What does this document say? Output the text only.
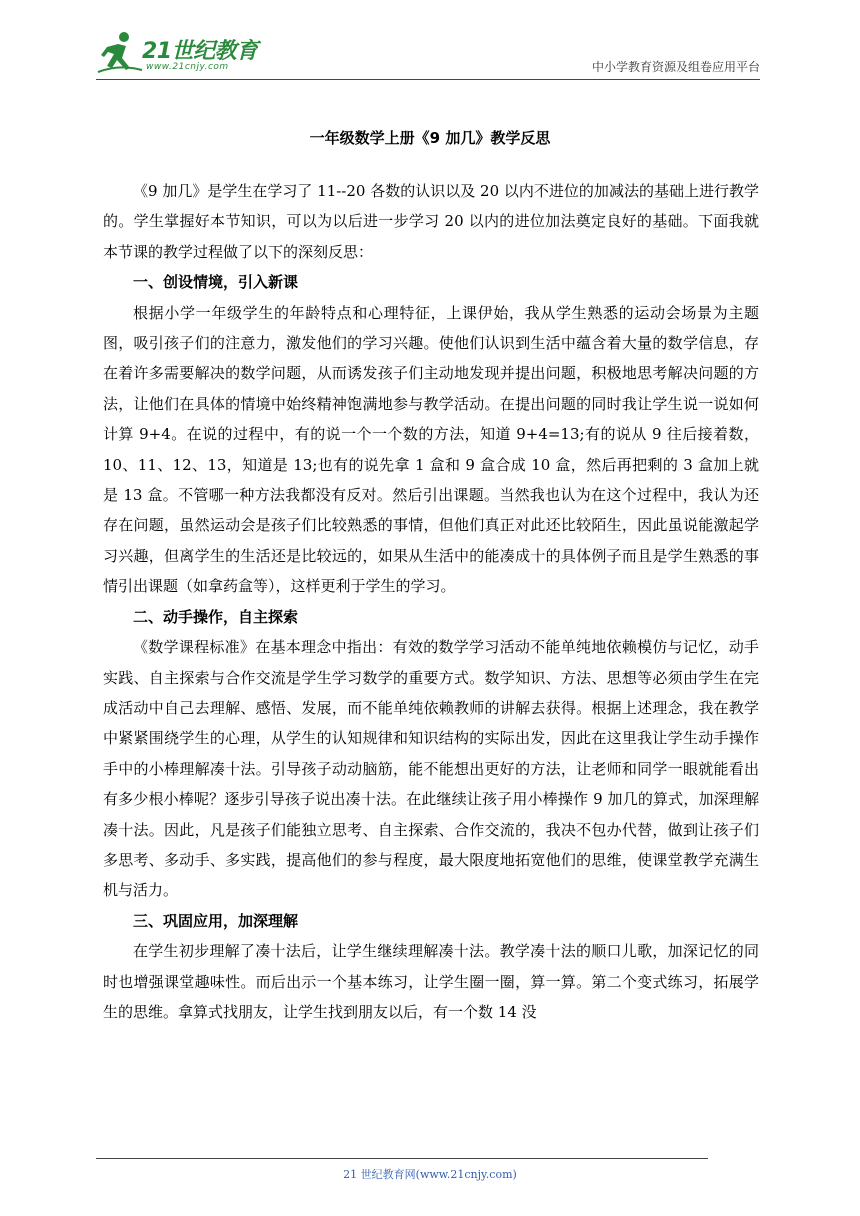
21世纪教育
www.21cnjy.com	中小学教育资源及组卷应用平台
一年级数学上册《9 加几》教学反思

《9 加几》是学生在学习了 11--20 各数的认识以及 20 以内不进位的加减法的基础上进行教学的。学生掌握好本节知识，可以为以后进一步学习 20 以内的进位加法奠定良好的基础。下面我就本节课的教学过程做了以下的深刻反思：

一、创设情境，引入新课

根据小学一年级学生的年龄特点和心理特征，上课伊始，我从学生熟悉的运动会场景为主题图，吸引孩子们的注意力，激发他们的学习兴趣。使他们认识到生活中蕴含着大量的数学信息，存在着许多需要解决的数学问题，从而诱发孩子们主动地发现并提出问题，积极地思考解决问题的方法，让他们在具体的情境中始终精神饱满地参与教学活动。在提出问题的同时我让学生说一说如何计算 9+4。在说的过程中，有的说一个一个数的方法，知道 9+4=13;有的说从 9 往后接着数，10、11、12、13，知道是 13;也有的说先拿 1 盒和 9 盒合成 10 盒，然后再把剩的 3 盒加上就是 13 盒。不管哪一种方法我都没有反对。然后引出课题。当然我也认为在这个过程中，我认为还存在问题，虽然运动会是孩子们比较熟悉的事情，但他们真正对此还比较陌生，因此虽说能激起学习兴趣，但离学生的生活还是比较远的，如果从生活中的能凑成十的具体例子而且是学生熟悉的事情引出课题（如拿药盒等），这样更利于学生的学习。

二、动手操作，自主探索

《数学课程标准》在基本理念中指出：有效的数学学习活动不能单纯地依赖模仿与记忆，动手实践、自主探索与合作交流是学生学习数学的重要方式。数学知识、方法、思想等必须由学生在完成活动中自己去理解、感悟、发展，而不能单纯依赖教师的讲解去获得。根据上述理念，我在教学中紧紧围绕学生的心理，从学生的认知规律和知识结构的实际出发，因此在这里我让学生动手操作手中的小棒理解凑十法。引导孩子动动脑筋，能不能想出更好的方法，让老师和同学一眼就能看出有多少根小棒呢？逐步引导孩子说出凑十法。在此继续让孩子用小棒操作 9 加几的算式，加深理解凑十法。因此，凡是孩子们能独立思考、自主探索、合作交流的，我决不包办代替，做到让孩子们多思考、多动手、多实践，提高他们的参与程度，最大限度地拓宽他们的思维，使课堂教学充满生机与活力。

三、巩固应用，加深理解

在学生初步理解了凑十法后，让学生继续理解凑十法。教学凑十法的顺口儿歌，加深记忆的同时也增强课堂趣味性。而后出示一个基本练习，让学生圈一圈，算一算。第二个变式练习，拓展学生的思维。拿算式找朋友，让学生找到朋友以后，有一个数 14 没

21 世纪教育网(www.21cnjy.com)
